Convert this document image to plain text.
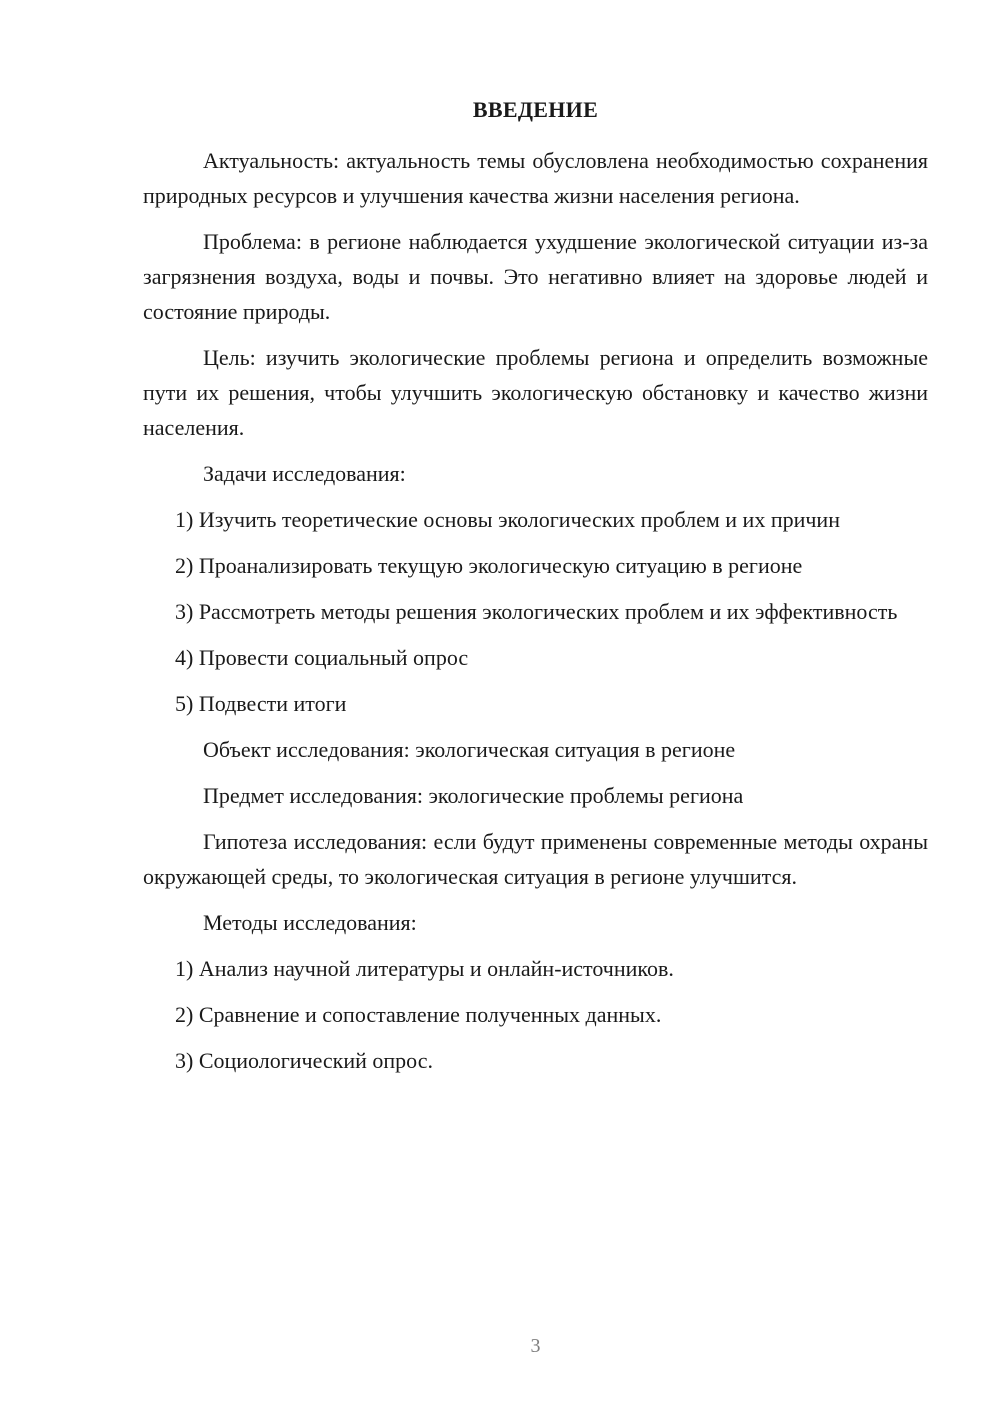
ВВЕДЕНИЕ

Актуальность: актуальность темы обусловлена необходимостью сохранения природных ресурсов и улучшения качества жизни населения региона.

Проблема: в регионе наблюдается ухудшение экологической ситуации из-за загрязнения воздуха, воды и почвы. Это негативно влияет на здоровье людей и состояние природы.

Цель: изучить экологические проблемы региона и определить возможные пути их решения, чтобы улучшить экологическую обстановку и качество жизни населения.

Задачи исследования:

1) Изучить теоретические основы экологических проблем и их причин

2) Проанализировать текущую экологическую ситуацию в регионе

3) Рассмотреть методы решения экологических проблем и их эффективность

4) Провести социальный опрос

5) Подвести итоги

Объект исследования: экологическая ситуация в регионе

Предмет исследования: экологические проблемы региона

Гипотеза исследования: если будут применены современные методы охраны окружающей среды, то экологическая ситуация в регионе улучшится.

Методы исследования:

1) Анализ научной литературы и онлайн-источников.

2) Сравнение и сопоставление полученных данных.

3) Социологический опрос.

3
